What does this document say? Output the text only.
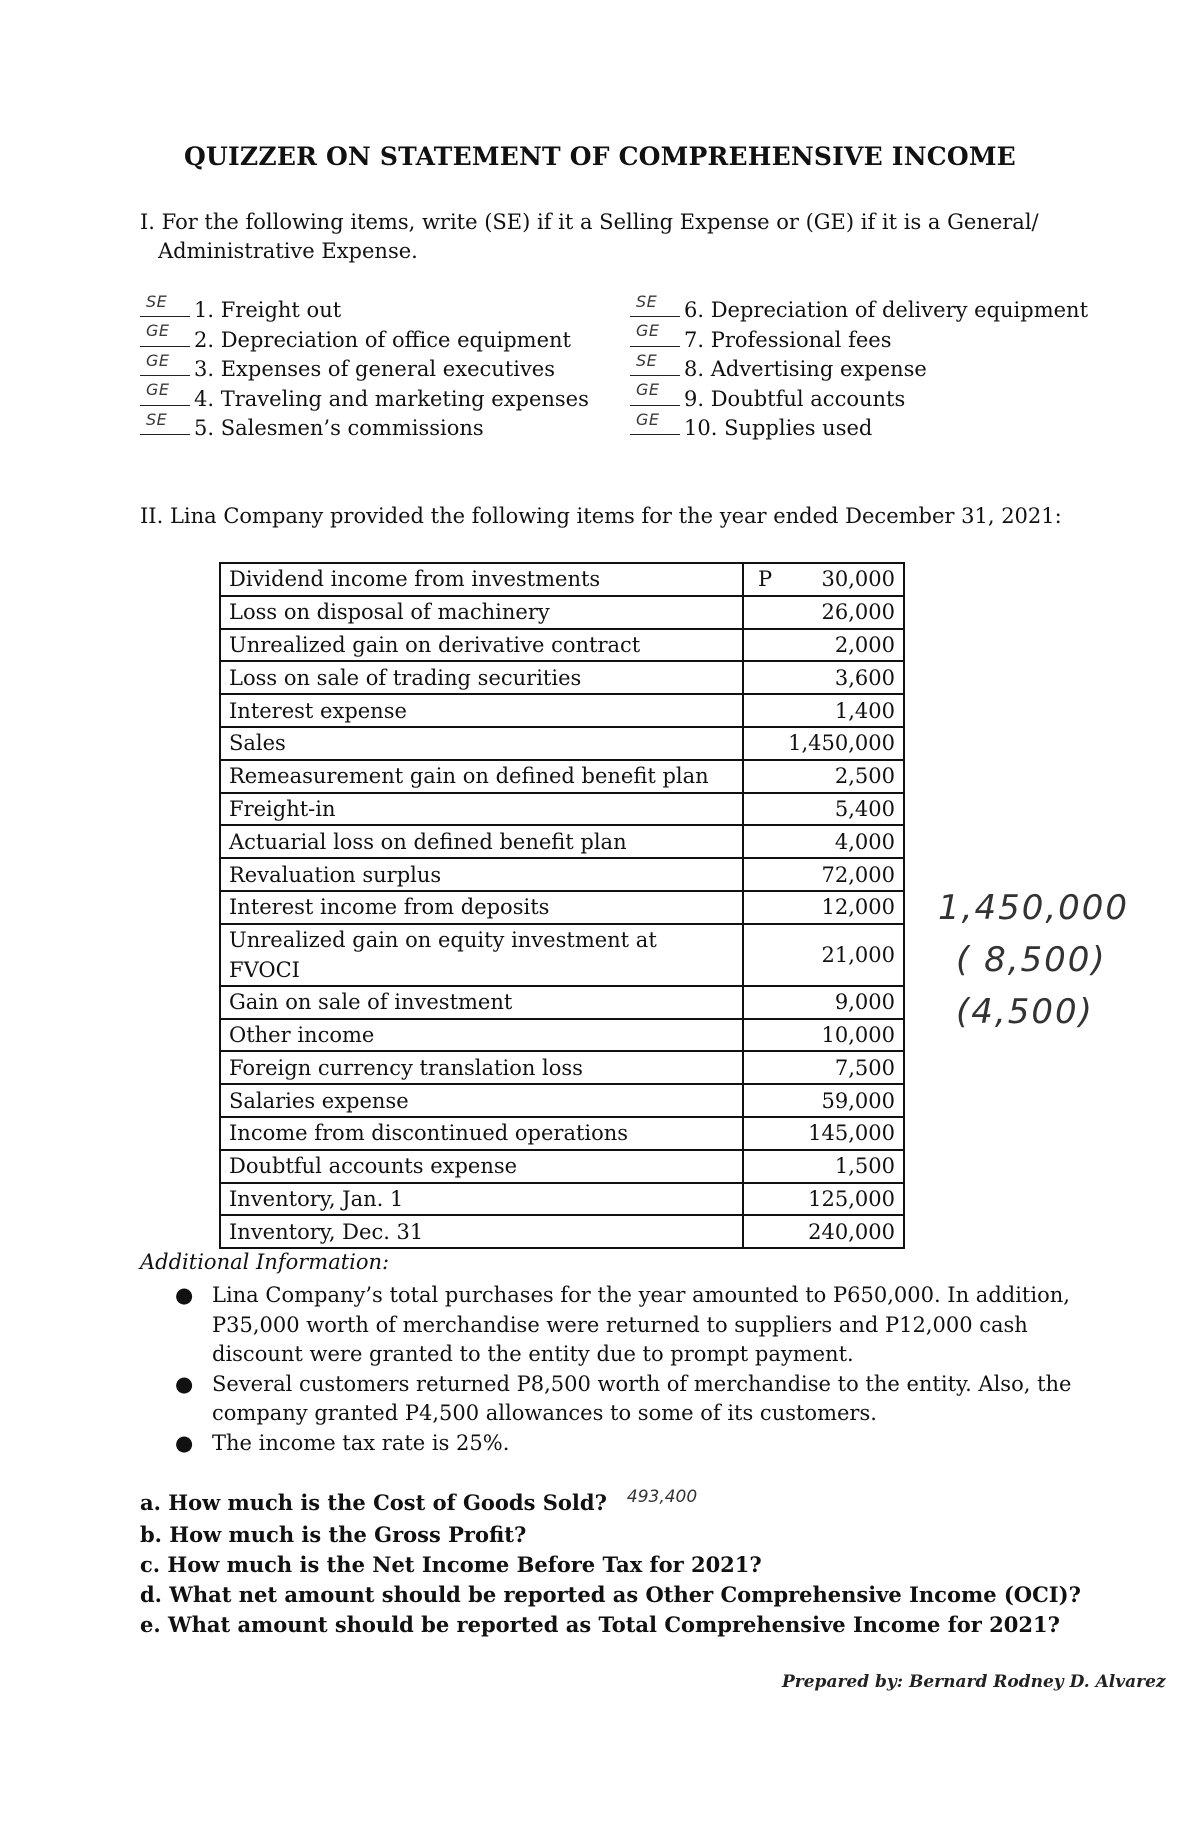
QUIZZER ON STATEMENT OF COMPREHENSIVE INCOME
I. For the following items, write (SE) if it a Selling Expense or (GE) if it is a General/
Administrative Expense.
SE 1. Freight out
GE 2. Depreciation of office equipment
GE 3. Expenses of general executives
GE 4. Traveling and marketing expenses
SE 5. Salesmen’s commissions
SE 6. Depreciation of delivery equipment
GE 7. Professional fees
SE 8. Advertising expense
GE 9. Doubtful accounts
GE 10. Supplies used
II. Lina Company provided the following items for the year ended December 31, 2021:
Dividend income from investments	P 30,000
Loss on disposal of machinery	26,000
Unrealized gain on derivative contract	2,000
Loss on sale of trading securities	3,600
Interest expense	1,400
Sales	1,450,000
Remeasurement gain on defined benefit plan	2,500
Freight-in	5,400
Actuarial loss on defined benefit plan	4,000
Revaluation surplus	72,000
Interest income from deposits	12,000
Unrealized gain on equity investment at FVOCI	21,000
Gain on sale of investment	9,000
Other income	10,000
Foreign currency translation loss	7,500
Salaries expense	59,000
Income from discontinued operations	145,000
Doubtful accounts expense	1,500
Inventory, Jan. 1	125,000
Inventory, Dec. 31	240,000
1,450,000
( 8,500)
(4,500)
Additional Information:
● Lina Company’s total purchases for the year amounted to P650,000. In addition, P35,000 worth of merchandise were returned to suppliers and P12,000 cash discount were granted to the entity due to prompt payment.
● Several customers returned P8,500 worth of merchandise to the entity. Also, the company granted P4,500 allowances to some of its customers.
● The income tax rate is 25%.
a. How much is the Cost of Goods Sold? 493,400
b. How much is the Gross Profit?
c. How much is the Net Income Before Tax for 2021?
d. What net amount should be reported as Other Comprehensive Income (OCI)?
e. What amount should be reported as Total Comprehensive Income for 2021?
Prepared by: Bernard Rodney D. Alvarez
